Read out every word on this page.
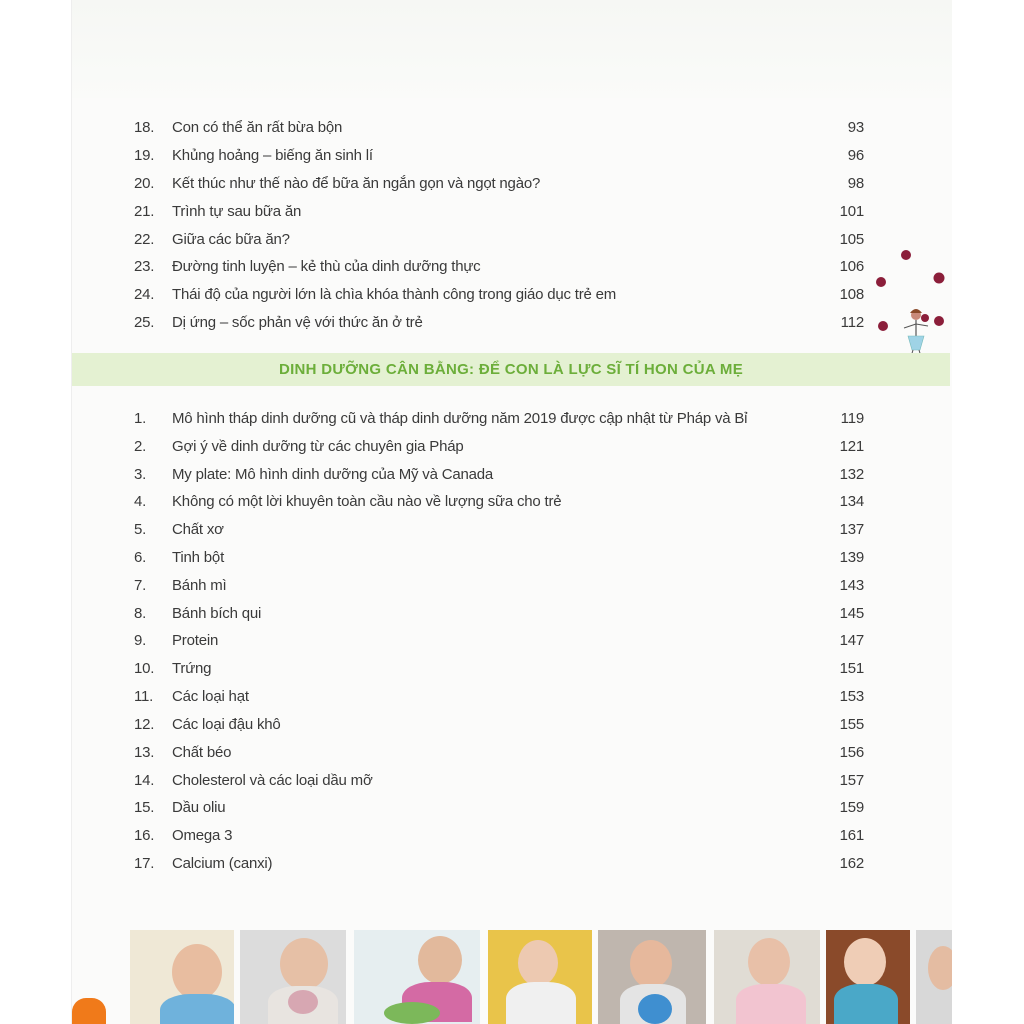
18.	Con có thể ăn rất bừa bộn	93
19.	Khủng hoảng – biếng ăn sinh lí	96
20.	Kết thúc như thế nào để bữa ăn ngắn gọn và ngọt ngào?	98
21.	Trình tự sau bữa ăn	101
22.	Giữa các bữa ăn?	105
23.	Đường tinh luyện – kẻ thù của dinh dưỡng thực	106
24.	Thái độ của người lớn là chìa khóa thành công trong giáo dục trẻ em	108
25.	Dị ứng – sốc phản vệ với thức ăn ở trẻ	112
DINH DƯỠNG CÂN BẰNG: ĐỂ CON LÀ LỰC SĨ TÍ HON CỦA MẸ
1.	Mô hình tháp dinh dưỡng cũ và tháp dinh dưỡng năm 2019 được cập nhật từ Pháp và Bỉ	119
2.	Gợi ý về dinh dưỡng từ các chuyên gia Pháp	121
3.	My plate: Mô hình dinh dưỡng của Mỹ và Canada	132
4.	Không có một lời khuyên toàn cầu nào về lượng sữa cho trẻ	134
5.	Chất xơ	137
6.	Tinh bột	139
7.	Bánh mì	143
8.	Bánh bích qui	145
9.	Protein	147
10.	Trứng	151
11.	Các loại hạt	153
12.	Các loại đậu khô	155
13.	Chất béo	156
14.	Cholesterol và các loại dầu mỡ	157
15.	Dầu oliu	159
16.	Omega 3	161
17.	Calcium (canxi)	162
